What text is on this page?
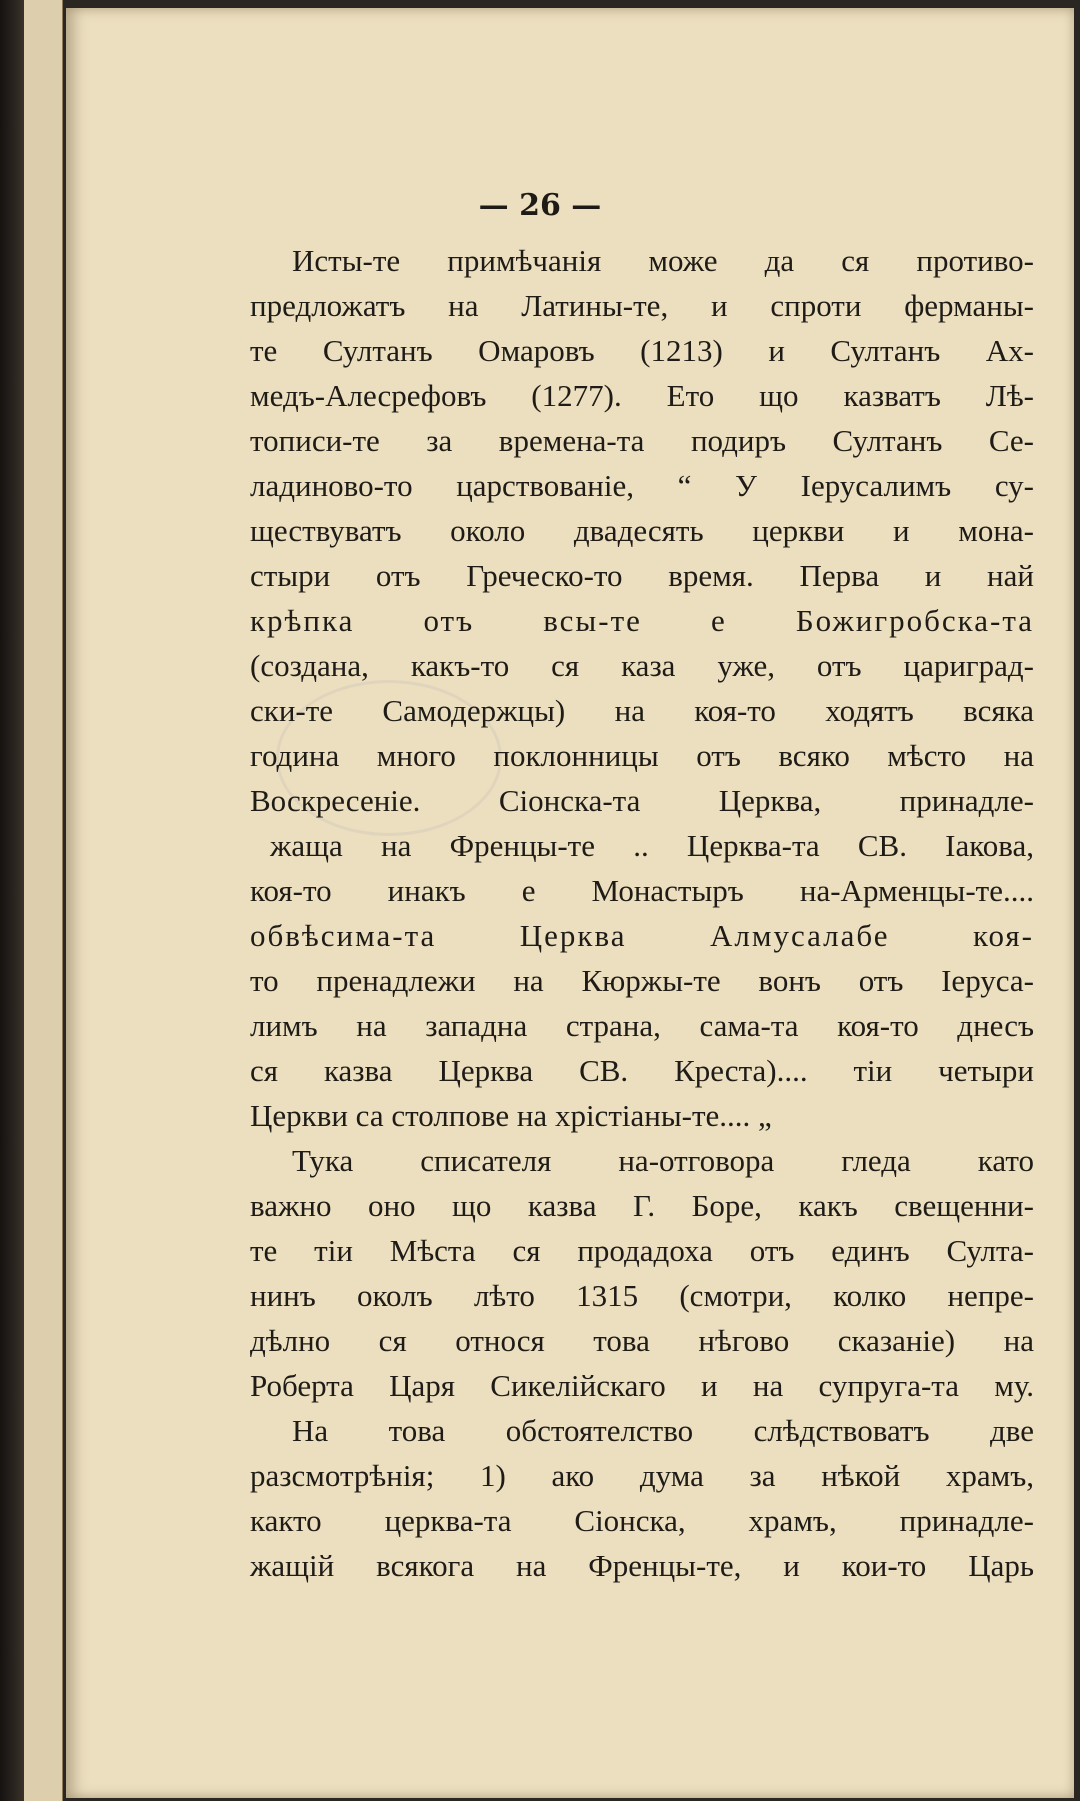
— 26 —
Исты-те примѣчанія може да ся противо-
предложатъ на Латины-те, и спроти ферманы-
те Султанъ Омаровъ (1213) и Султанъ Ах-
медъ-Алесрефовъ (1277). Ето що казватъ Лѣ-
тописи-те за времена-та подиръ Султанъ Се-
ладиново-то царствованіе, “ У Іерусалимъ су-
ществуватъ около двадесять церкви и мона-
стыри отъ Греческо-то время. Перва и най
крѣпка отъ всы-те е Божигробска-та
(создана, какъ-то ся каза уже, отъ цариград-
ски-те Самодержцы) на коя-то ходятъ всяка
година много поклонницы отъ всяко мѣсто на
Воскресеніе. Сіонска-та Церква, принадле-
жаща на Френцы-те .. Церква-та СВ. Іакова,
коя-то инакъ е Монастыръ на-Арменцы-те....
обвѣсима-та Церква Алмусалабе коя-
то пренадлежи на Кюржы-те вонъ отъ Іеруса-
лимъ на западна страна, сама-та коя-то днесъ
ся казва Церква СВ. Креста).... тіи четыри
Церкви са столпове на хрістіаны-те.... „
Тука списателя на-отговора гледа като
важно оно що казва Г. Боре, какъ свещенни-
те тіи Мѣста ся продадоха отъ единъ Султа-
нинъ околъ лѣто 1315 (смотри, колко непре-
дѣлно ся относя това нѣгово сказаніе) на
Роберта Царя Сикелійскаго и на супруга-та му.
На това обстоятелство слѣдствоватъ две
разсмотрѣнія; 1) ако дума за нѣкой храмъ,
както церква-та Сіонска, храмъ, принадле-
жащій всякога на Френцы-те, и кои-то Царь
